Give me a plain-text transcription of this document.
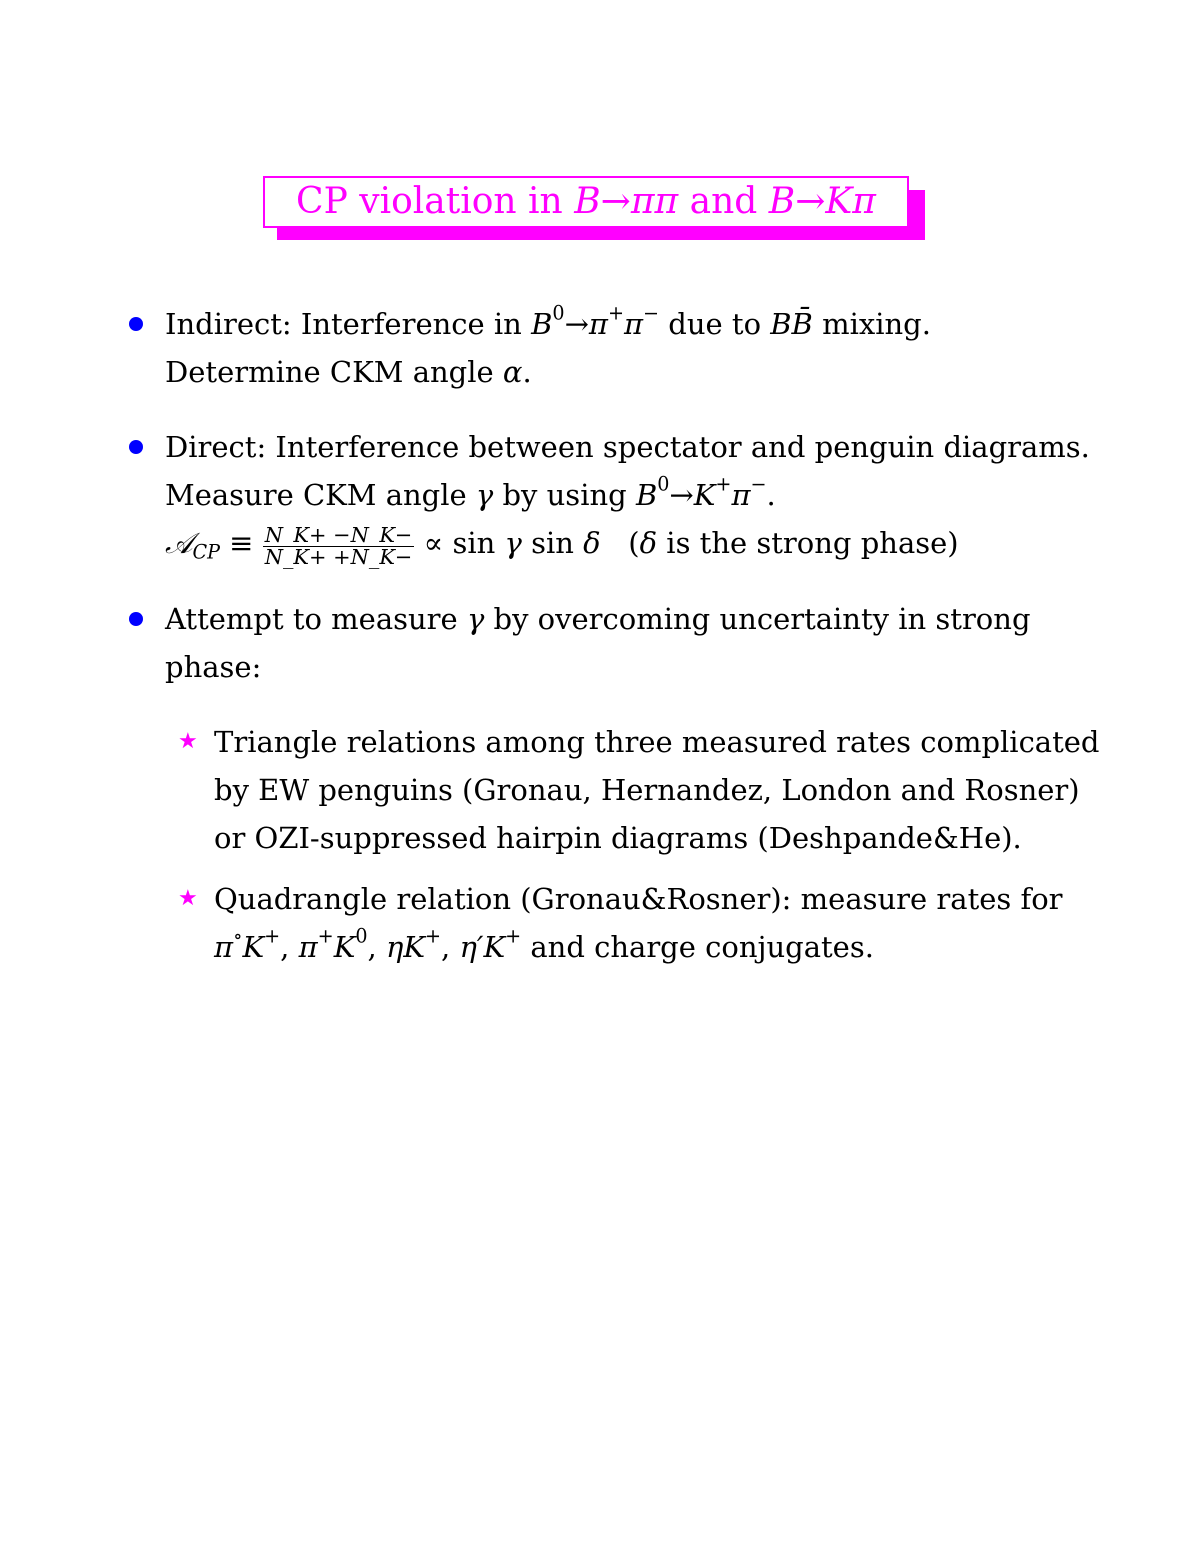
CP violation in B→ππ and B→Kπ
Indirect: Interference in $B^0\to\pi^+\pi^-$ due to BB̄ mixing.
Determine CKM angle α.
Direct: Interference between spectator and penguin diagrams.
Measure CKM angle γ by using $B^0\to K^+\pi^-$.
𝒜$_{CP}$ ≡ $\frac{N\_K+ -N\_K-}{N\_K+ +N\_K-} \propto \sin \gamma$ sin δ   (δ is the strong phase)
Attempt to measure γ by overcoming uncertainty in strong
phase:
★ Triangle relations among three measured rates complicated
by EW penguins (Gronau, Hernandez, London and Rosner)
or OZI-suppressed hairpin diagrams (Deshpande&He).
★ Quadrangle relation (Gronau&Rosner): measure rates for
π∘K+, $\pi^+K^0$, ηK+, η′K+ and charge conjugates.
